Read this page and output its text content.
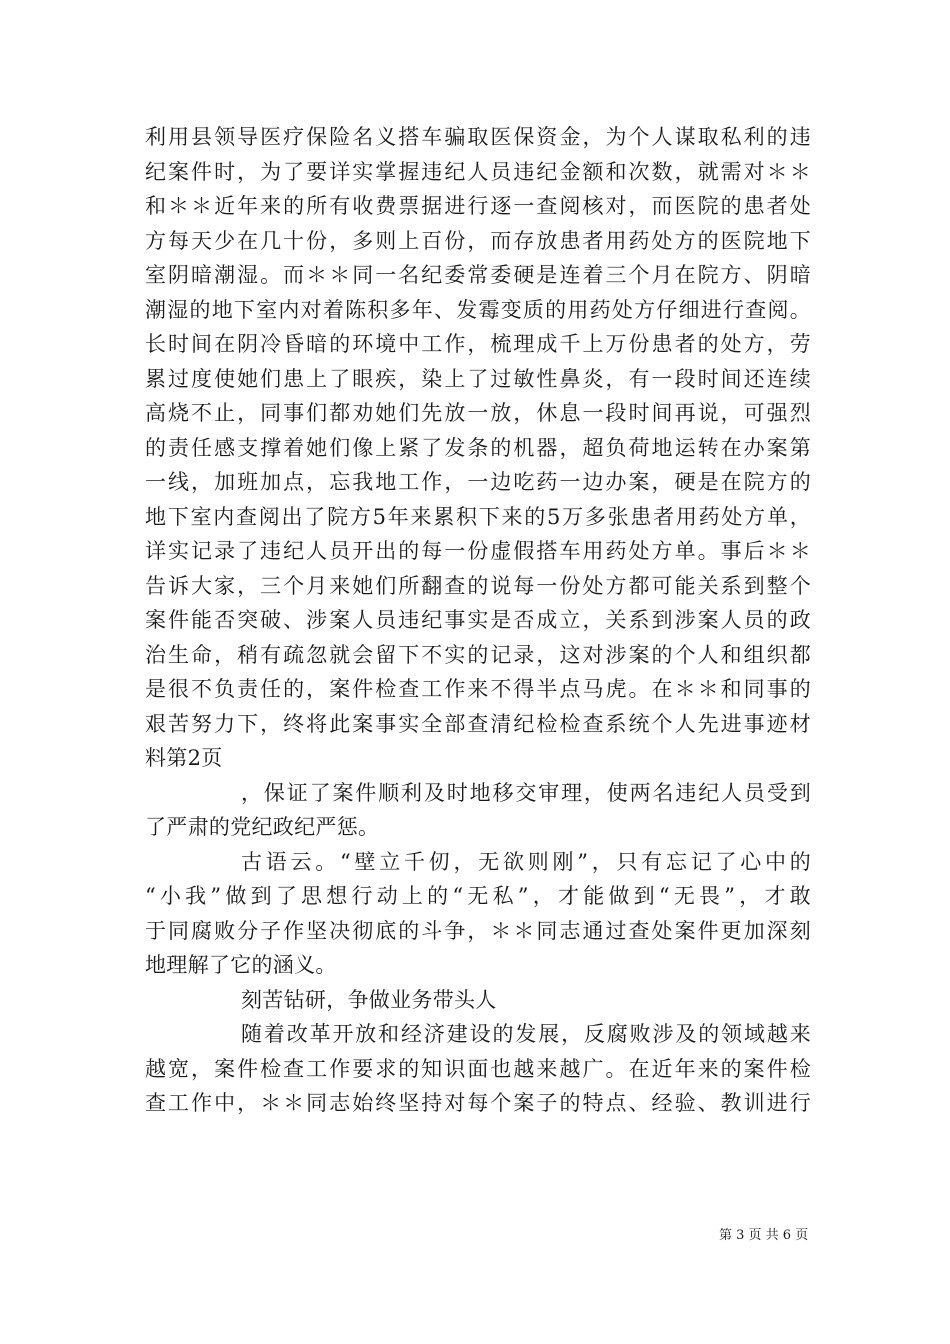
利用县领导医疗保险名义搭车骗取医保资金，为个人谋取私利的违
纪案件时，为了要详实掌握违纪人员违纪金额和次数，就需对＊＊
和＊＊近年来的所有收费票据进行逐一查阅核对，而医院的患者处
方每天少在几十份，多则上百份，而存放患者用药处方的医院地下
室阴暗潮湿。而＊＊同一名纪委常委硬是连着三个月在院方、阴暗
潮湿的地下室内对着陈积多年、发霉变质的用药处方仔细进行查阅。
长时间在阴冷昏暗的环境中工作，梳理成千上万份患者的处方，劳
累过度使她们患上了眼疾，染上了过敏性鼻炎，有一段时间还连续
高烧不止，同事们都劝她们先放一放，休息一段时间再说，可强烈
的责任感支撑着她们像上紧了发条的机器，超负荷地运转在办案第
一线，加班加点，忘我地工作，一边吃药一边办案，硬是在院方的
地下室内查阅出了院方5年来累积下来的5万多张患者用药处方单，
详实记录了违纪人员开出的每一份虚假搭车用药处方单。事后＊＊
告诉大家，三个月来她们所翻查的说每一份处方都可能关系到整个
案件能否突破、涉案人员违纪事实是否成立，关系到涉案人员的政
治生命，稍有疏忽就会留下不实的记录，这对涉案的个人和组织都
是很不负责任的，案件检查工作来不得半点马虎。在＊＊和同事的
艰苦努力下，终将此案事实全部查清纪检检查系统个人先进事迹材
料第2页
，保证了案件顺利及时地移交审理，使两名违纪人员受到
了严肃的党纪政纪严惩。
古语云。“壁立千仞，无欲则刚”，只有忘记了心中的
“小我”做到了思想行动上的“无私”，才能做到“无畏”，才敢
于同腐败分子作坚决彻底的斗争，＊＊同志通过查处案件更加深刻
地理解了它的涵义。
刻苦钻研，争做业务带头人
随着改革开放和经济建设的发展，反腐败涉及的领域越来
越宽，案件检查工作要求的知识面也越来越广。在近年来的案件检
查工作中，＊＊同志始终坚持对每个案子的特点、经验、教训进行
第 3 页 共 6 页
